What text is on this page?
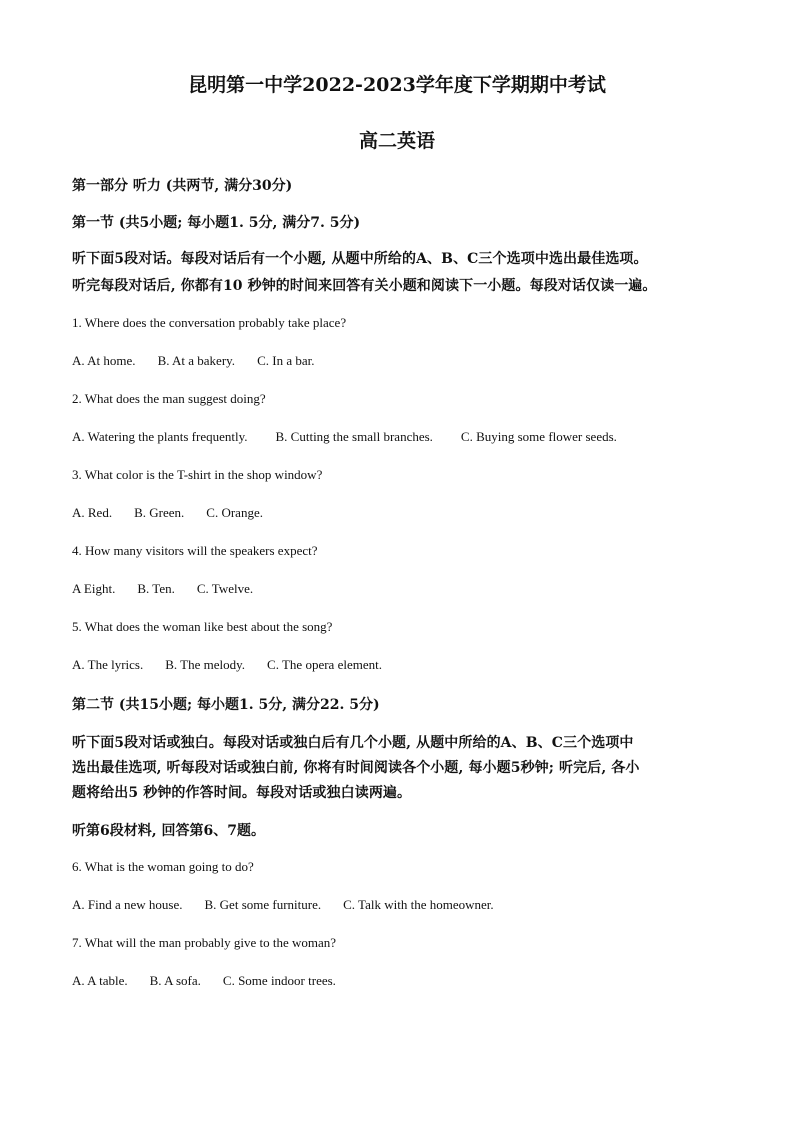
昆明第一中学2022-2023学年度下学期期中考试
高二英语
第一部分 听力 (共两节, 满分30分)
第一节 (共5小题; 每小题1. 5分, 满分7. 5分)
听下面5段对话。每段对话后有一个小题, 从题中所给的A、B、C三个选项中选出最佳选项。
听完每段对话后, 你都有10 秒钟的时间来回答有关小题和阅读下一小题。每段对话仅读一遍。
1. Where does the conversation probably take place?
A. At home. B. At a bakery. C. In a bar.
2. What does the man suggest doing?
A. Watering the plants frequently. B. Cutting the small branches. C. Buying some flower seeds.
3. What color is the T-shirt in the shop window?
A. Red. B. Green. C. Orange.
4. How many visitors will the speakers expect?
A Eight. B. Ten. C. Twelve.
5. What does the woman like best about the song?
A. The lyrics. B. The melody. C. The opera element.
第二节 (共15小题; 每小题1. 5分, 满分22. 5分)
听下面5段对话或独白。每段对话或独白后有几个小题, 从题中所给的A、B、C三个选项中
选出最佳选项, 听每段对话或独白前, 你将有时间阅读各个小题, 每小题5秒钟; 听完后, 各小
题将给出5 秒钟的作答时间。每段对话或独白读两遍。
听第6段材料, 回答第6、7题。
6. What is the woman going to do?
A. Find a new house. B. Get some furniture. C. Talk with the homeowner.
7. What will the man probably give to the woman?
A. A table. B. A sofa. C. Some indoor trees.
